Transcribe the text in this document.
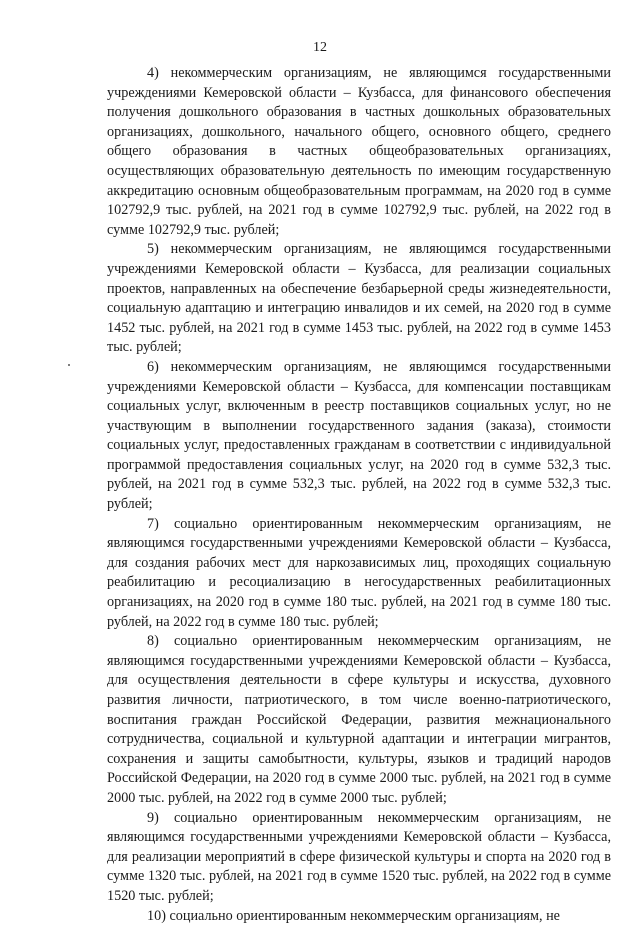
12

4) некоммерческим организациям, не являющимся государственными учреждениями Кемеровской области – Кузбасса, для финансового обеспечения получения дошкольного образования в частных дошкольных образовательных организациях, дошкольного, начального общего, основного общего, среднего общего образования в частных общеобразовательных организациях, осуществляющих образовательную деятельность по имеющим государственную аккредитацию основным общеобразовательным программам, на 2020 год в сумме 102792,9 тыс. рублей, на 2021 год в сумме 102792,9 тыс. рублей, на 2022 год в сумме 102792,9 тыс. рублей;

5) некоммерческим организациям, не являющимся государственными учреждениями Кемеровской области – Кузбасса, для реализации социальных проектов, направленных на обеспечение безбарьерной среды жизнедеятельности, социальную адаптацию и интеграцию инвалидов и их семей, на 2020 год в сумме 1452 тыс. рублей, на 2021 год в сумме 1453 тыс. рублей, на 2022 год в сумме 1453 тыс. рублей;

6) некоммерческим организациям, не являющимся государственными учреждениями Кемеровской области – Кузбасса, для компенсации поставщикам социальных услуг, включенным в реестр поставщиков социальных услуг, но не участвующим в выполнении государственного задания (заказа), стоимости социальных услуг, предоставленных гражданам в соответствии с индивидуальной программой предоставления социальных услуг, на 2020 год в сумме 532,3 тыс. рублей, на 2021 год в сумме 532,3 тыс. рублей, на 2022 год в сумме 532,3 тыс. рублей;

7) социально ориентированным некоммерческим организациям, не являющимся государственными учреждениями Кемеровской области – Кузбасса, для создания рабочих мест для наркозависимых лиц, проходящих социальную реабилитацию и ресоциализацию в негосударственных реабилитационных организациях, на 2020 год в сумме 180 тыс. рублей, на 2021 год в сумме 180 тыс. рублей, на 2022 год в сумме 180 тыс. рублей;

8) социально ориентированным некоммерческим организациям, не являющимся государственными учреждениями Кемеровской области – Кузбасса, для осуществления деятельности в сфере культуры и искусства, духовного развития личности, патриотического, в том числе военно-патриотического, воспитания граждан Российской Федерации, развития межнационального сотрудничества, социальной и культурной адаптации и интеграции мигрантов, сохранения и защиты самобытности, культуры, языков и традиций народов Российской Федерации, на 2020 год в сумме 2000 тыс. рублей, на 2021 год в сумме 2000 тыс. рублей, на 2022 год в сумме 2000 тыс. рублей;

9) социально ориентированным некоммерческим организациям, не являющимся государственными учреждениями Кемеровской области – Кузбасса, для реализации мероприятий в сфере физической культуры и спорта на 2020 год в сумме 1320 тыс. рублей, на 2021 год в сумме 1520 тыс. рублей, на 2022 год в сумме 1520 тыс. рублей;

10) социально ориентированным некоммерческим организациям, не
